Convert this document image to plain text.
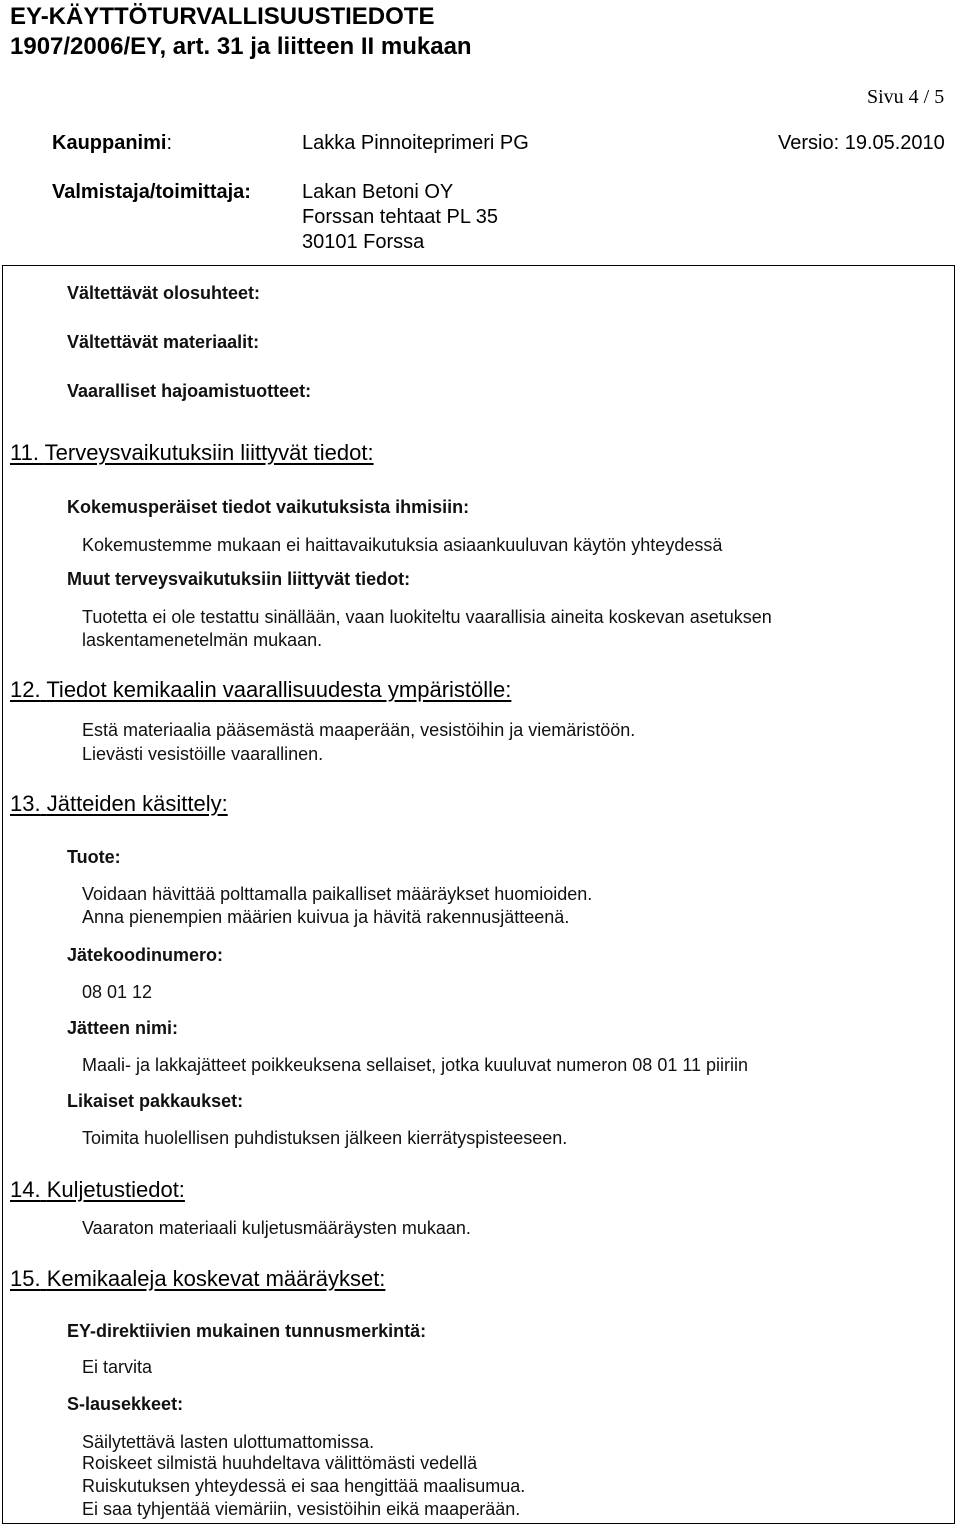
EY-KÄYTTÖTURVALLISUUSTIEDOTE
1907/2006/EY, art. 31 ja liitteen II mukaan
Sivu 4 / 5
Kauppanimi:	Lakka Pinnoiteprimeri PG	Versio: 19.05.2010
Valmistaja/toimittaja:	Lakan Betoni OY
Forssan tehtaat PL 35
30101 Forssa
Vältettävät olosuhteet:
Vältettävät materiaalit:
Vaaralliset hajoamistuotteet:
11. Terveysvaikutuksiin liittyvät tiedot:
Kokemusperäiset tiedot vaikutuksista ihmisiin:
Kokemustemme mukaan ei haittavaikutuksia asiaankuuluvan käytön yhteydessä
Muut terveysvaikutuksiin liittyvät tiedot:
Tuotetta ei ole testattu sinällään, vaan luokiteltu vaarallisia aineita koskevan asetuksen
laskentamenetelmän mukaan.
12. Tiedot kemikaalin vaarallisuudesta ympäristölle:
Estä materiaalia pääsemästä maaperään, vesistöihin ja viemäristöön.
Lievästi vesistöille vaarallinen.
13. Jätteiden käsittely:
Tuote:
Voidaan hävittää polttamalla paikalliset määräykset huomioiden.
Anna pienempien määrien kuivua ja hävitä rakennusjätteenä.
Jätekoodinumero:
08 01 12
Jätteen nimi:
Maali- ja lakkajätteet poikkeuksena sellaiset, jotka kuuluvat numeron 08 01 11 piiriin
Likaiset pakkaukset:
Toimita huolellisen puhdistuksen jälkeen kierrätyspisteeseen.
14. Kuljetustiedot:
Vaaraton materiaali kuljetusmääräysten mukaan.
15. Kemikaaleja koskevat määräykset:
EY-direktiivien mukainen tunnusmerkintä:
Ei tarvita
S-lausekkeet:
Säilytettävä lasten ulottumattomissa.
Roiskeet silmistä huuhdeltava välittömästi vedellä
Ruiskutuksen yhteydessä ei saa hengittää maalisumua.
Ei saa tyhjentää viemäriin, vesistöihin eikä maaperään.
